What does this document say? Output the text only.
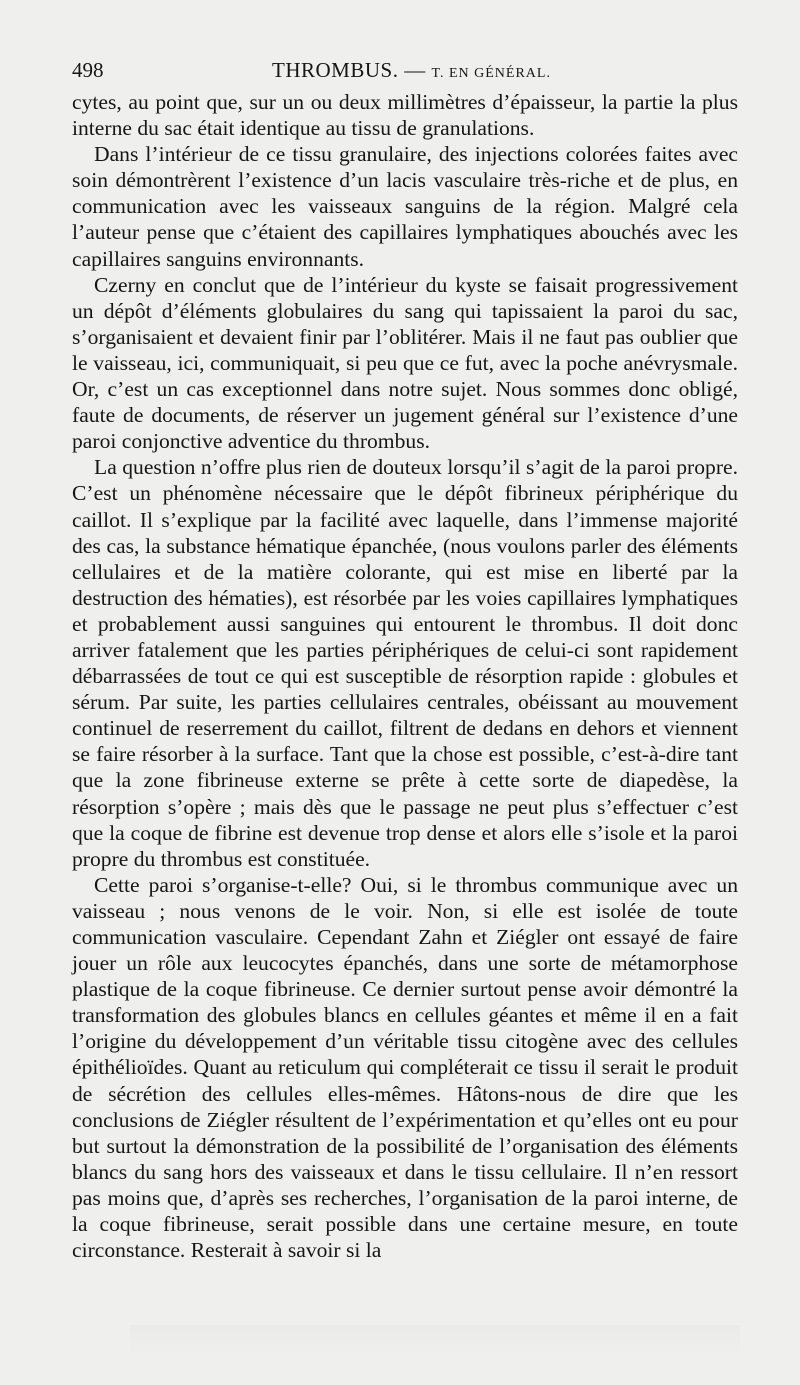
498	THROMBUS. — T. EN GÉNÉRAL.

cytes, au point que, sur un ou deux millimètres d’épaisseur, la partie la plus interne du sac était identique au tissu de granulations.

Dans l’intérieur de ce tissu granulaire, des injections colorées faites avec soin démontrèrent l’existence d’un lacis vasculaire très-riche et de plus, en communication avec les vaisseaux sanguins de la région. Malgré cela l’auteur pense que c’étaient des capillaires lymphatiques abouchés avec les capillaires sanguins environnants.

Czerny en conclut que de l’intérieur du kyste se faisait progressivement un dépôt d’éléments globulaires du sang qui tapissaient la paroi du sac, s’organisaient et devaient finir par l’oblitérer. Mais il ne faut pas oublier que le vaisseau, ici, communiquait, si peu que ce fut, avec la poche anévrysmale. Or, c’est un cas exceptionnel dans notre sujet. Nous sommes donc obligé, faute de documents, de réserver un jugement général sur l’existence d’une paroi conjonctive adventice du thrombus.

La question n’offre plus rien de douteux lorsqu’il s’agit de la paroi propre. C’est un phénomène nécessaire que le dépôt fibrineux périphérique du caillot. Il s’explique par la facilité avec laquelle, dans l’immense majorité des cas, la substance hématique épanchée, (nous voulons parler des éléments cellulaires et de la matière colorante, qui est mise en liberté par la destruction des hématies), est résorbée par les voies capillaires lymphatiques et probablement aussi sanguines qui entourent le thrombus. Il doit donc arriver fatalement que les parties périphériques de celui-ci sont rapidement débarrassées de tout ce qui est susceptible de résorption rapide : globules et sérum. Par suite, les parties cellulaires centrales, obéissant au mouvement continuel de reserrement du caillot, filtrent de dedans en dehors et viennent se faire résorber à la surface. Tant que la chose est possible, c’est-à-dire tant que la zone fibrineuse externe se prête à cette sorte de diapedèse, la résorption s’opère ; mais dès que le passage ne peut plus s’effectuer c’est que la coque de fibrine est devenue trop dense et alors elle s’isole et la paroi propre du thrombus est constituée.

Cette paroi s’organise-t-elle? Oui, si le thrombus communique avec un vaisseau ; nous venons de le voir. Non, si elle est isolée de toute communication vasculaire. Cependant Zahn et Ziégler ont essayé de faire jouer un rôle aux leucocytes épanchés, dans une sorte de métamorphose plastique de la coque fibrineuse. Ce dernier surtout pense avoir démontré la transformation des globules blancs en cellules géantes et même il en a fait l’origine du développement d’un véritable tissu citogène avec des cellules épithélioïdes. Quant au reticulum qui compléterait ce tissu il serait le produit de sécrétion des cellules elles-mêmes. Hâtons-nous de dire que les conclusions de Ziégler résultent de l’expérimentation et qu’elles ont eu pour but surtout la démonstration de la possibilité de l’organisation des éléments blancs du sang hors des vaisseaux et dans le tissu cellulaire. Il n’en ressort pas moins que, d’après ses recherches, l’organisation de la paroi interne, de la coque fibrineuse, serait possible dans une certaine mesure, en toute circonstance. Resterait à savoir si la
